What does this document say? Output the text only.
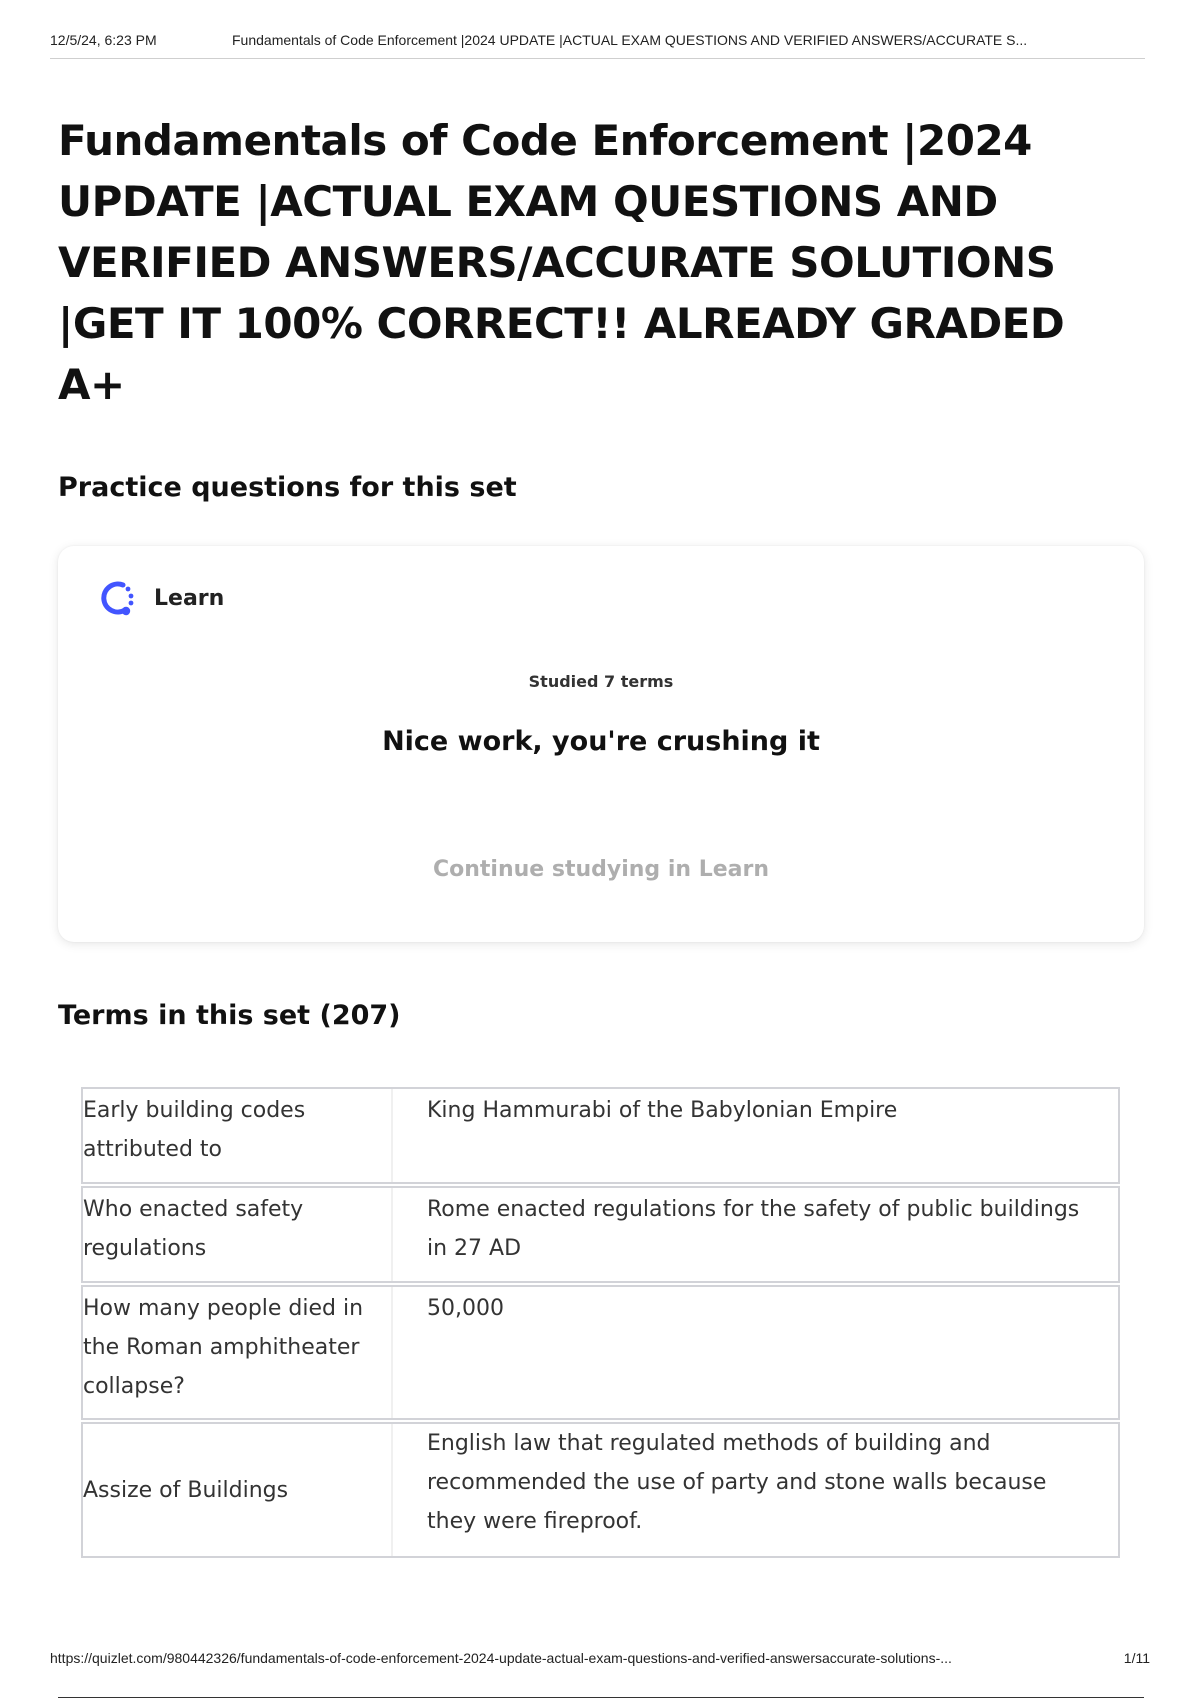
12/5/24, 6:23 PM	Fundamentals of Code Enforcement |2024 UPDATE |ACTUAL EXAM QUESTIONS AND VERIFIED ANSWERS/ACCURATE S...
Fundamentals of Code Enforcement |2024 UPDATE |ACTUAL EXAM QUESTIONS AND VERIFIED ANSWERS/ACCURATE SOLUTIONS |GET IT 100% CORRECT!! ALREADY GRADED A+
Practice questions for this set
Learn
Studied 7 terms
Nice work, you're crushing it
Continue studying in Learn
Terms in this set (207)
Early building codes attributed to
King Hammurabi of the Babylonian Empire
Who enacted safety regulations
Rome enacted regulations for the safety of public buildings in 27 AD
How many people died in the Roman amphitheater collapse?
50,000
Assize of Buildings
English law that regulated methods of building and recommended the use of party and stone walls because they were fireproof.
https://quizlet.com/980442326/fundamentals-of-code-enforcement-2024-update-actual-exam-questions-and-verified-answersaccurate-solutions-...	1/11
